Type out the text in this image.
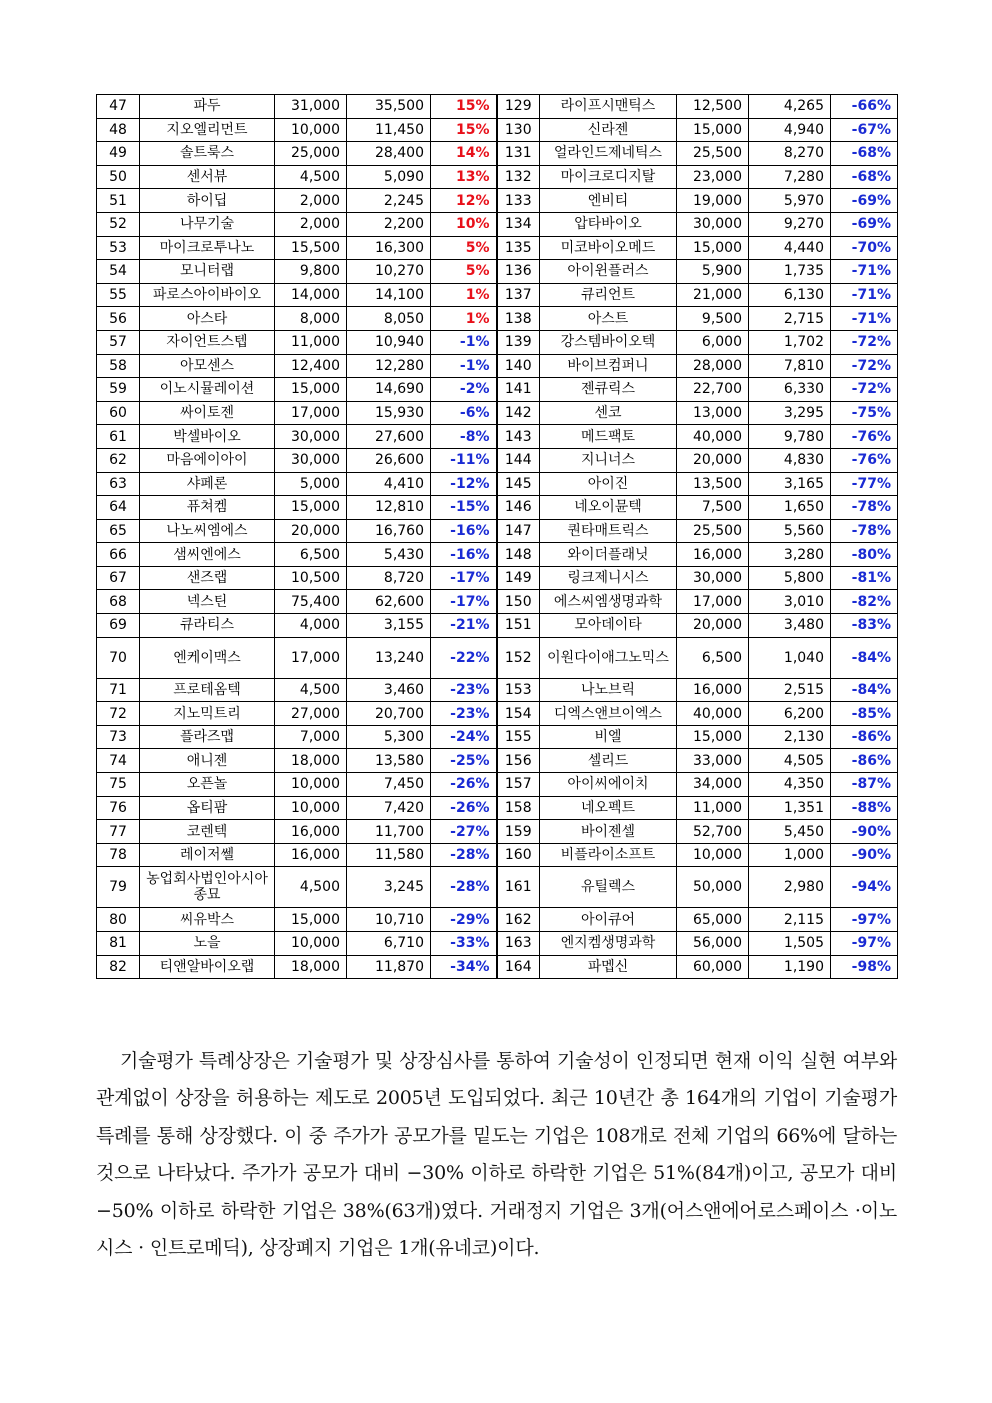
47	파두	31,000	35,500	15%	129	라이프시맨틱스	12,500	4,265	-66%
48	지오엘리먼트	10,000	11,450	15%	130	신라젠	15,000	4,940	-67%
49	솔트룩스	25,000	28,400	14%	131	얼라인드제네틱스	25,500	8,270	-68%
50	센서뷰	4,500	5,090	13%	132	마이크로디지탈	23,000	7,280	-68%
51	하이딥	2,000	2,245	12%	133	엔비티	19,000	5,970	-69%
52	나무기술	2,000	2,200	10%	134	압타바이오	30,000	9,270	-69%
53	마이크로투나노	15,500	16,300	5%	135	미코바이오메드	15,000	4,440	-70%
54	모니터랩	9,800	10,270	5%	136	아이윈플러스	5,900	1,735	-71%
55	파로스아이바이오	14,000	14,100	1%	137	큐리언트	21,000	6,130	-71%
56	아스타	8,000	8,050	1%	138	아스트	9,500	2,715	-71%
57	자이언트스텝	11,000	10,940	-1%	139	강스템바이오텍	6,000	1,702	-72%
58	아모센스	12,400	12,280	-1%	140	바이브컴퍼니	28,000	7,810	-72%
59	이노시뮬레이션	15,000	14,690	-2%	141	젠큐릭스	22,700	6,330	-72%
60	싸이토젠	17,000	15,930	-6%	142	센코	13,000	3,295	-75%
61	박셀바이오	30,000	27,600	-8%	143	메드팩토	40,000	9,780	-76%
62	마음에이아이	30,000	26,600	-11%	144	지니너스	20,000	4,830	-76%
63	샤페론	5,000	4,410	-12%	145	아이진	13,500	3,165	-77%
64	퓨쳐켐	15,000	12,810	-15%	146	네오이뮨텍	7,500	1,650	-78%
65	나노씨엠에스	20,000	16,760	-16%	147	퀀타매트릭스	25,500	5,560	-78%
66	샘씨엔에스	6,500	5,430	-16%	148	와이더플래닛	16,000	3,280	-80%
67	샌즈랩	10,500	8,720	-17%	149	링크제니시스	30,000	5,800	-81%
68	넥스틴	75,400	62,600	-17%	150	에스씨엠생명과학	17,000	3,010	-82%
69	큐라티스	4,000	3,155	-21%	151	모아데이타	20,000	3,480	-83%
70	엔케이맥스	17,000	13,240	-22%	152	이원다이애그노믹스	6,500	1,040	-84%
71	프로테옴텍	4,500	3,460	-23%	153	나노브릭	16,000	2,515	-84%
72	지노믹트리	27,000	20,700	-23%	154	디엑스앤브이엑스	40,000	6,200	-85%
73	플라즈맵	7,000	5,300	-24%	155	비엘	15,000	2,130	-86%
74	애니젠	18,000	13,580	-25%	156	셀리드	33,000	4,505	-86%
75	오픈놀	10,000	7,450	-26%	157	아이씨에이치	34,000	4,350	-87%
76	옵티팜	10,000	7,420	-26%	158	네오펙트	11,000	1,351	-88%
77	코렌텍	16,000	11,700	-27%	159	바이젠셀	52,700	5,450	-90%
78	레이저쎌	16,000	11,580	-28%	160	비플라이소프트	10,000	1,000	-90%
79	농업회사법인아시아종묘	4,500	3,245	-28%	161	유틸렉스	50,000	2,980	-94%
80	씨유박스	15,000	10,710	-29%	162	아이큐어	65,000	2,115	-97%
81	노을	10,000	6,710	-33%	163	엔지켐생명과학	56,000	1,505	-97%
82	티앤알바이오랩	18,000	11,870	-34%	164	파멥신	60,000	1,190	-98%

기술평가 특례상장은 기술평가 및 상장심사를 통하여 기술성이 인정되면 현재 이익 실현 여부와 관계없이 상장을 허용하는 제도로 2005년 도입되었다. 최근 10년간 총 164개의 기업이 기술평가 특례를 통해 상장했다. 이 중 주가가 공모가를 밑도는 기업은 108개로 전체 기업의 66%에 달하는 것으로 나타났다. 주가가 공모가 대비 −30% 이하로 하락한 기업은 51%(84개)이고, 공모가 대비 −50% 이하로 하락한 기업은 38%(63개)였다. 거래정지 기업은 3개(어스앤에어로스페이스 ·이노시스 · 인트로메딕), 상장폐지 기업은 1개(유네코)이다.
